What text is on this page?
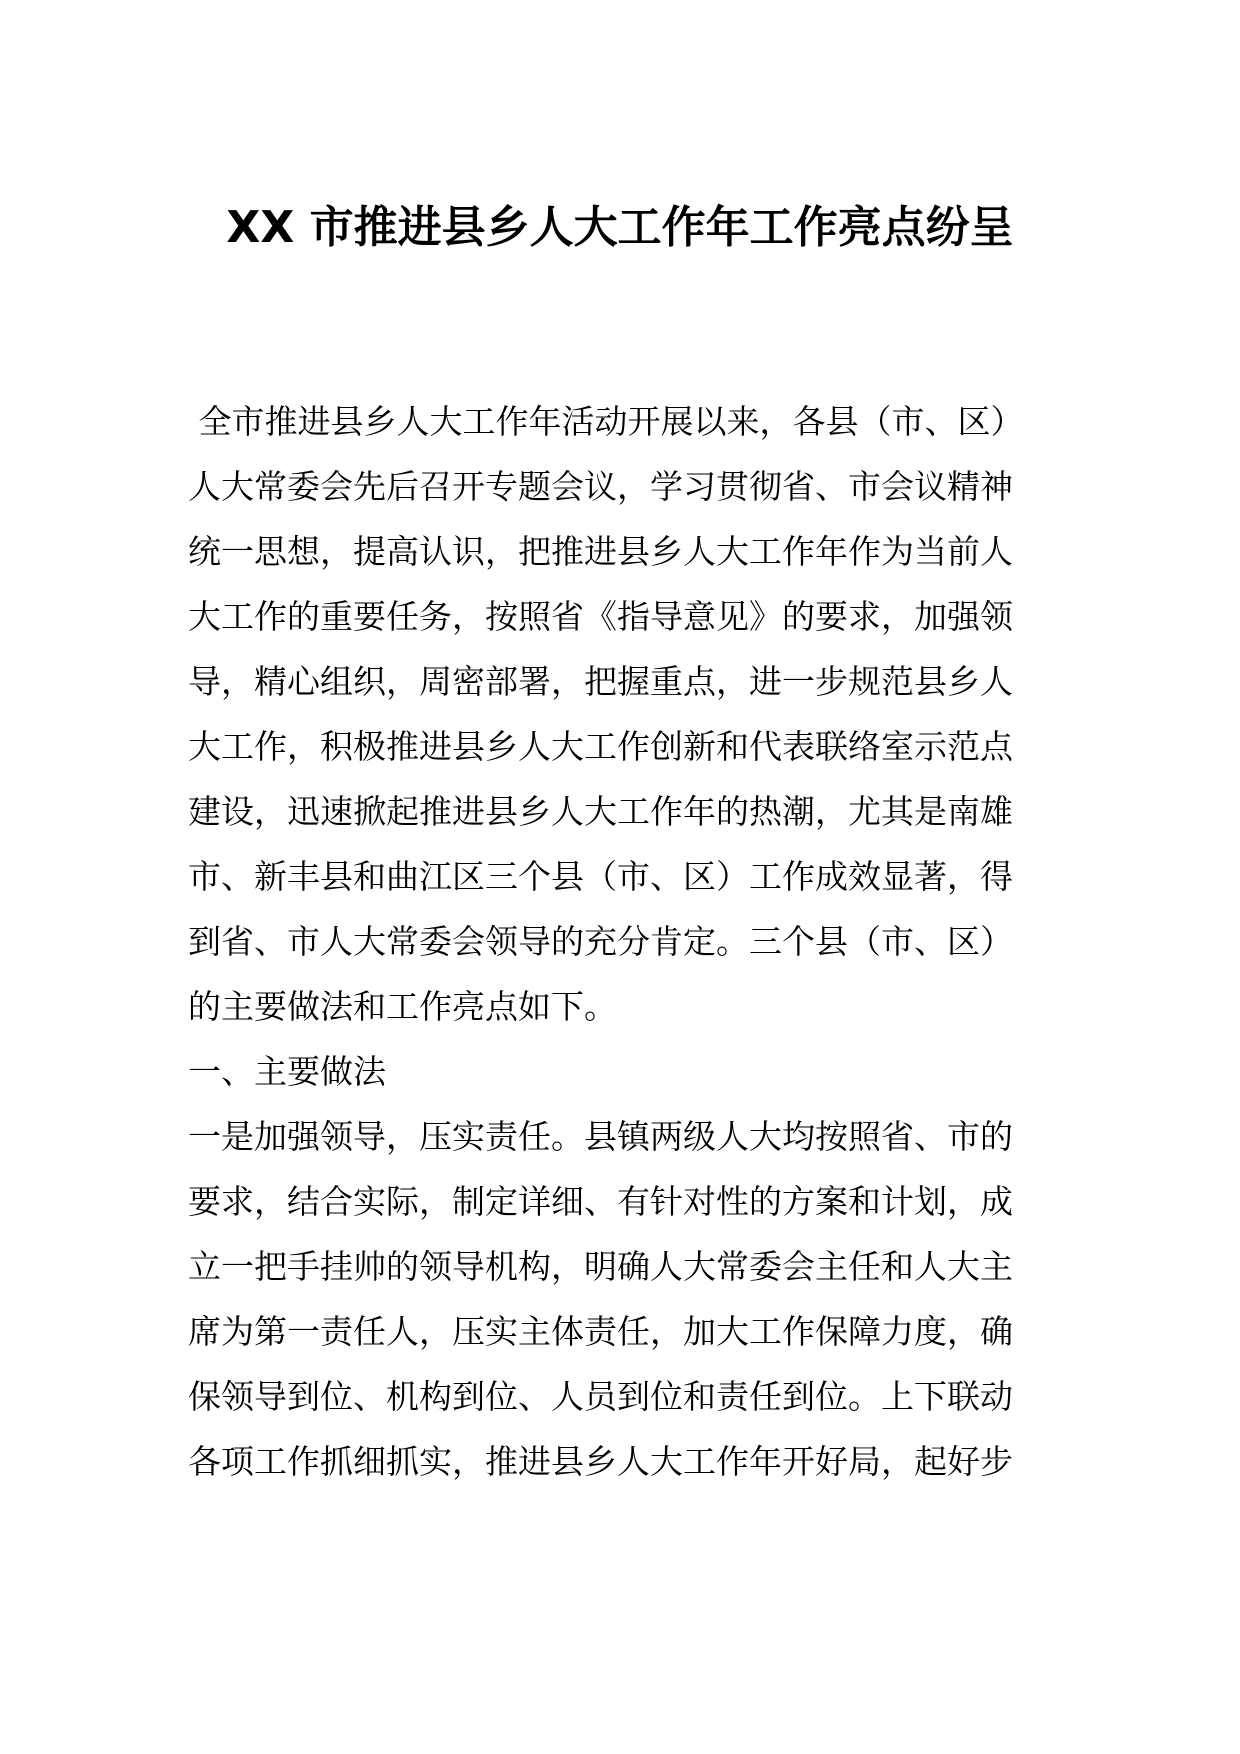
XX 市推进县乡人大工作年工作亮点纷呈
全市推进县乡人大工作年活动开展以来，各县（市、区）
人大常委会先后召开专题会议，学习贯彻省、市会议精神
统一思想，提高认识，把推进县乡人大工作年作为当前人
大工作的重要任务，按照省《指导意见》的要求，加强领
导，精心组织，周密部署，把握重点，进一步规范县乡人
大工作，积极推进县乡人大工作创新和代表联络室示范点
建设，迅速掀起推进县乡人大工作年的热潮，尤其是南雄
市、新丰县和曲江区三个县（市、区）工作成效显著，得
到省、市人大常委会领导的充分肯定。三个县（市、区）
的主要做法和工作亮点如下。
一、主要做法
一是加强领导，压实责任。县镇两级人大均按照省、市的
要求，结合实际，制定详细、有针对性的方案和计划，成
立一把手挂帅的领导机构，明确人大常委会主任和人大主
席为第一责任人，压实主体责任，加大工作保障力度，确
保领导到位、机构到位、人员到位和责任到位。上下联动
各项工作抓细抓实，推进县乡人大工作年开好局，起好步
